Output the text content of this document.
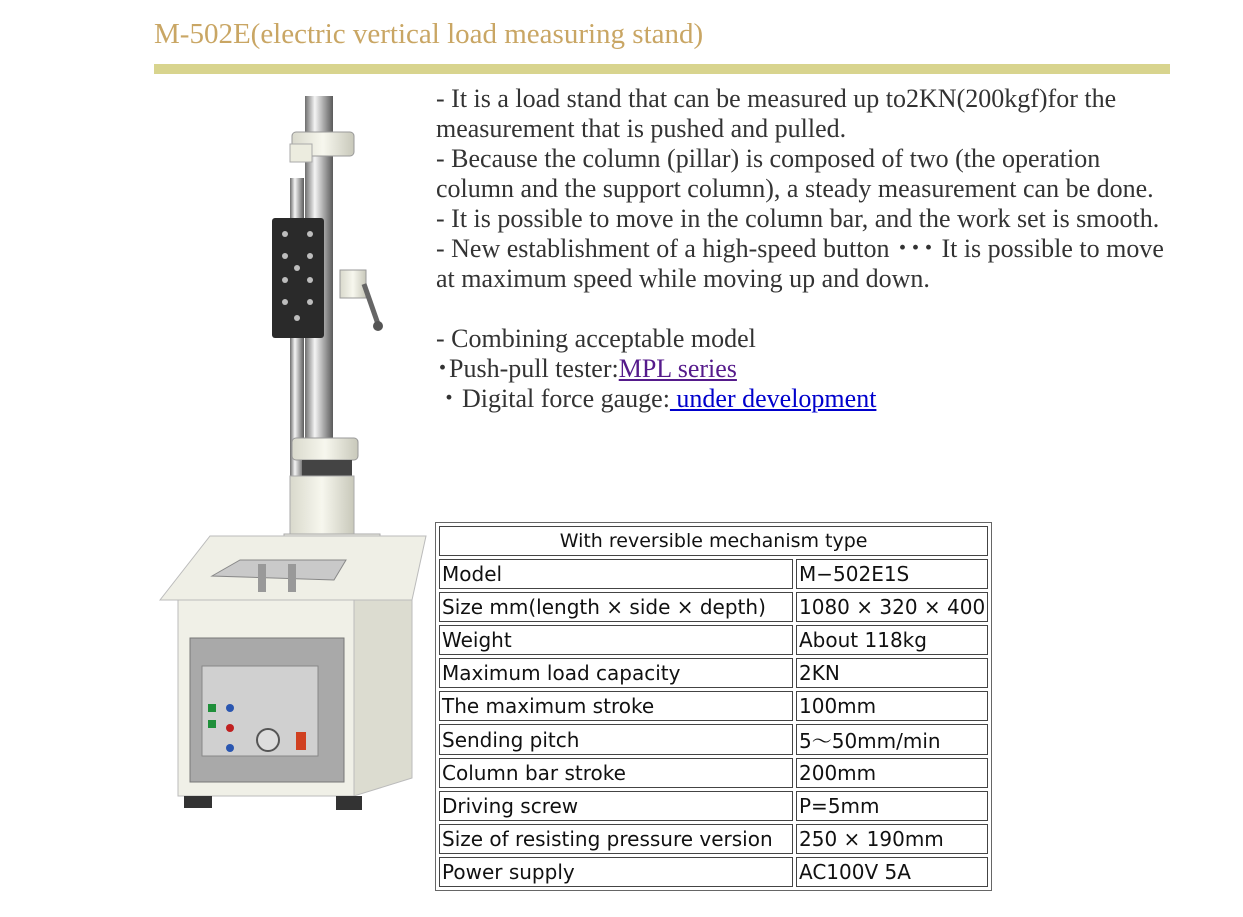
M-502E(electric vertical load measuring stand)

- It is a load stand that can be measured up to2KN(200kgf)for the measurement that is pushed and pulled.

- Because the column (pillar) is composed of two (the operation column and the support column), a steady measurement can be done.

- It is possible to move in the column bar, and the work set is smooth.

- New establishment of a high-speed button ･･･ It is possible to move at maximum speed while moving up and down.

- Combining acceptable model

･Push-pull tester:MPL series

・Digital force gauge: under development

With reversible mechanism type	
Model	M−502E1S
Size mm(length × side × depth)	1080 × 320 × 400
Weight	About 118kg
Maximum load capacity	2KN
The maximum stroke	100mm
Sending pitch	5〜50mm/min
Column bar stroke	200mm
Driving screw	P=5mm
Size of resisting pressure version	250 × 190mm
Power supply	AC100V 5A
